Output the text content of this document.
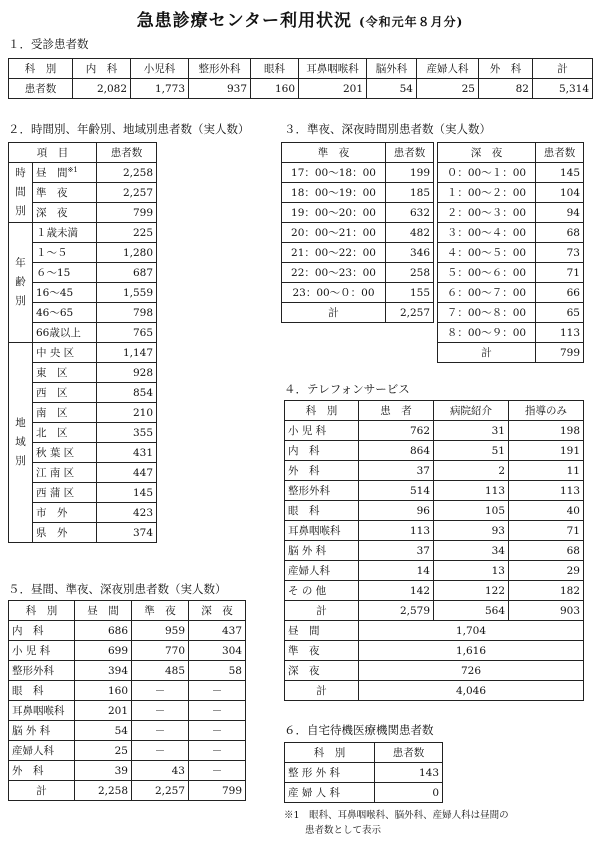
急患診療センター利用状況 (令和元年８月分)
１．受診患者数
科　別	内　科	小児科	整形外科	眼科	耳鼻咽喉科	脳外科	産婦人科	外　科	計
患者数	2,082	1,773	937	160	201	54	25	82	5,314
２．時間別、年齢別、地域別患者数（実人数）
項　目		患者数

時
間
別	昼　間$^{※1}$	2,258
	準　夜	2,257
	深　夜	799

年
齢
別	１歳未満	225
	１～５	1,280
	６～15	687
	16～45	1,559
	46～65	798
	66歳以上	765

地
域
別	中 央 区	1,147
	東　区	928
	西　区	854
	南　区	210
	北　区	355
	秋 葉 区	431
	江 南 区	447
	西 蒲 区	145
	市　外	423
	県　外	374
３．準夜、深夜時間別患者数（実人数）
準　夜	患者数
17：00～18：00	199
18：00～19：00	185
19：00～20：00	632
20：00～21：00	482
21：00～22：00	346
22：00～23：00	258
23：00～０：00	155
計	2,257
深　夜	患者数
０：00～１：00	145
１：00～２：00	104
２：00～３：00	94
３：00～４：00	68
４：00～５：00	73
５：00～６：00	71
６：00～７：00	66
７：00～８：00	65
８：00～９：00	113
計	799
４．テレフォンサービス
科　別	患　者	病院紹介	指導のみ
小 児 科	762	31	198
内　科	864	51	191
外　科	37	2	11
整形外科	514	113	113
眼　科	96	105	40
耳鼻咽喉科	113	93	71
脳 外 科	37	34	68
産婦人科	14	13	29
そ の 他	142	122	182
計	2,579	564	903
昼　間	1,704		
準　夜	1,616		
深　夜	726		
計	4,046		
５．昼間、準夜、深夜別患者数（実人数）
科　別	昼　間	準　夜	深　夜
内　科	686	959	437
小 児 科	699	770	304
整形外科	394	485	58
眼　科	160	－	－
耳鼻咽喉科	201	－	－
脳 外 科	54	－	－
産婦人科	25	－	－
外　科	39	43	－
計	2,258	2,257	799
６．自宅待機医療機関患者数
科　別	患者数
整 形 外 科	143
産 婦 人 科	0
※1　 眼科、耳鼻咽喉科、脳外科、産婦人科は昼間の
患者数として表示
